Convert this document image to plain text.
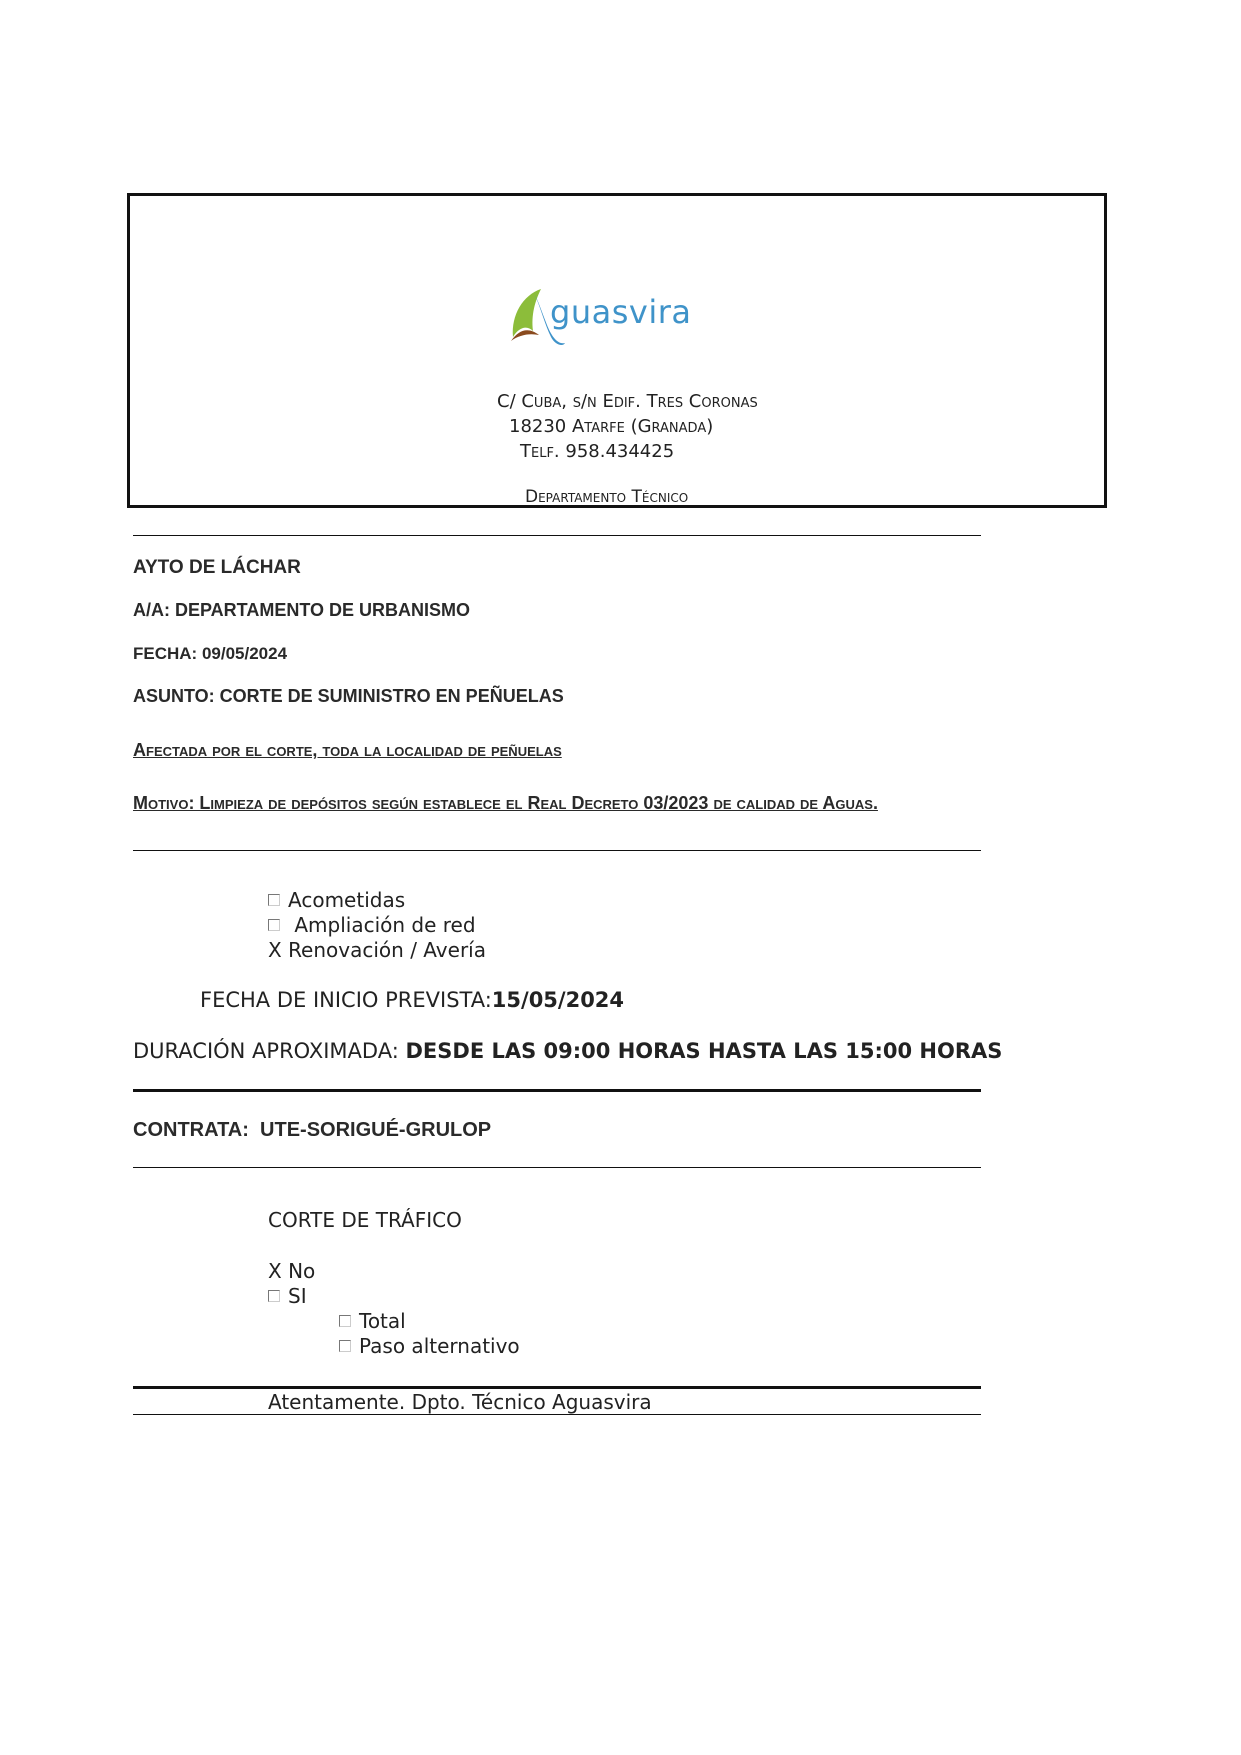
guasvira
C/ Cuba, s/n Edif. Tres Coronas
18230 Atarfe (Granada)
Telf. 958.434425
Departamento Técnico
AYTO DE LÁCHAR
A/A: DEPARTAMENTO DE URBANISMO
FECHA: 09/05/2024
ASUNTO: CORTE DE SUMINISTRO EN PEÑUELAS
Afectada por el corte, toda la localidad de peñuelas
Motivo: Limpieza de depósitos según establece el Real Decreto 03/2023 de calidad de Aguas.
Acometidas
Ampliación de red
X Renovación / Avería
FECHA DE INICIO PREVISTA:15/05/2024
DURACIÓN APROXIMADA: DESDE LAS 09:00 HORAS HASTA LAS 15:00 HORAS
CONTRATA: UTE-SORIGUÉ-GRULOP
CORTE DE TRÁFICO
X No
SI
Total
Paso alternativo
Atentamente. Dpto. Técnico Aguasvira
